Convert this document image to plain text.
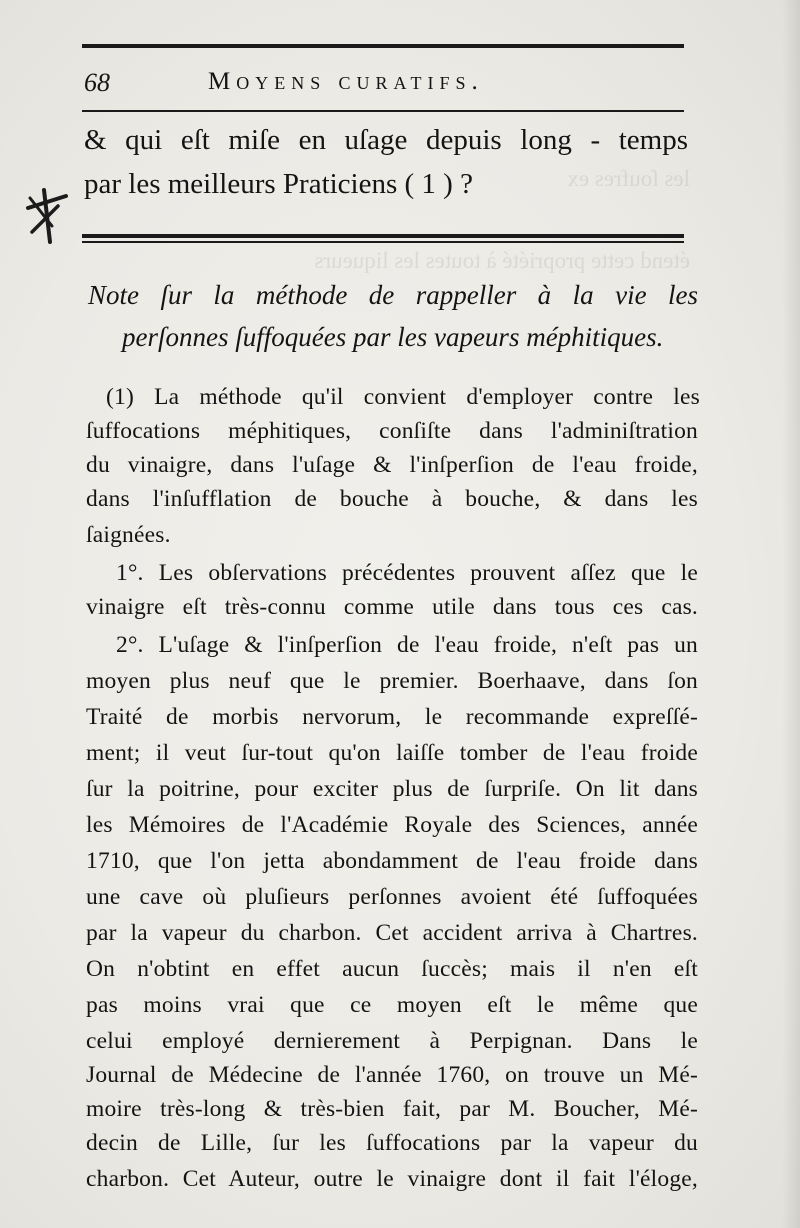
les ſoufres ex
étend cette propriété à toutes les liqueurs
68	Moyens curatifs.
& qui eſt miſe en uſage depuis long - temps
par les meilleurs Praticiens ( 1 ) ?
Note ſur la méthode de rappeller à la vie les
perſonnes ſuffoquées par les vapeurs méphitiques.
(1) La méthode qu'il convient d'employer contre les
ſuffocations méphitiques, conſiſte dans l'adminiſtration
du vinaigre, dans l'uſage & l'inſperſion de l'eau froide,
dans l'inſufflation de bouche à bouche, & dans les
ſaignées.
1°. Les obſervations précédentes prouvent aſſez que le
vinaigre eſt très-connu comme utile dans tous ces cas.
2°. L'uſage & l'inſperſion de l'eau froide, n'eſt pas un
moyen plus neuf que le premier. Boerhaave, dans ſon
Traité de morbis nervorum, le recommande expreſſé-
ment; il veut ſur-tout qu'on laiſſe tomber de l'eau froide
ſur la poitrine, pour exciter plus de ſurpriſe. On lit dans
les Mémoires de l'Académie Royale des Sciences, année
1710, que l'on jetta abondamment de l'eau froide dans
une cave où pluſieurs perſonnes avoient été ſuffoquées
par la vapeur du charbon. Cet accident arriva à Chartres.
On n'obtint en effet aucun ſuccès; mais il n'en eſt
pas moins vrai que ce moyen eſt le même que
celui employé dernierement à Perpignan. Dans le
Journal de Médecine de l'année 1760, on trouve un Mé-
moire très-long & très-bien fait, par M. Boucher, Mé-
decin de Lille, ſur les ſuffocations par la vapeur du
charbon. Cet Auteur, outre le vinaigre dont il fait l'éloge,
